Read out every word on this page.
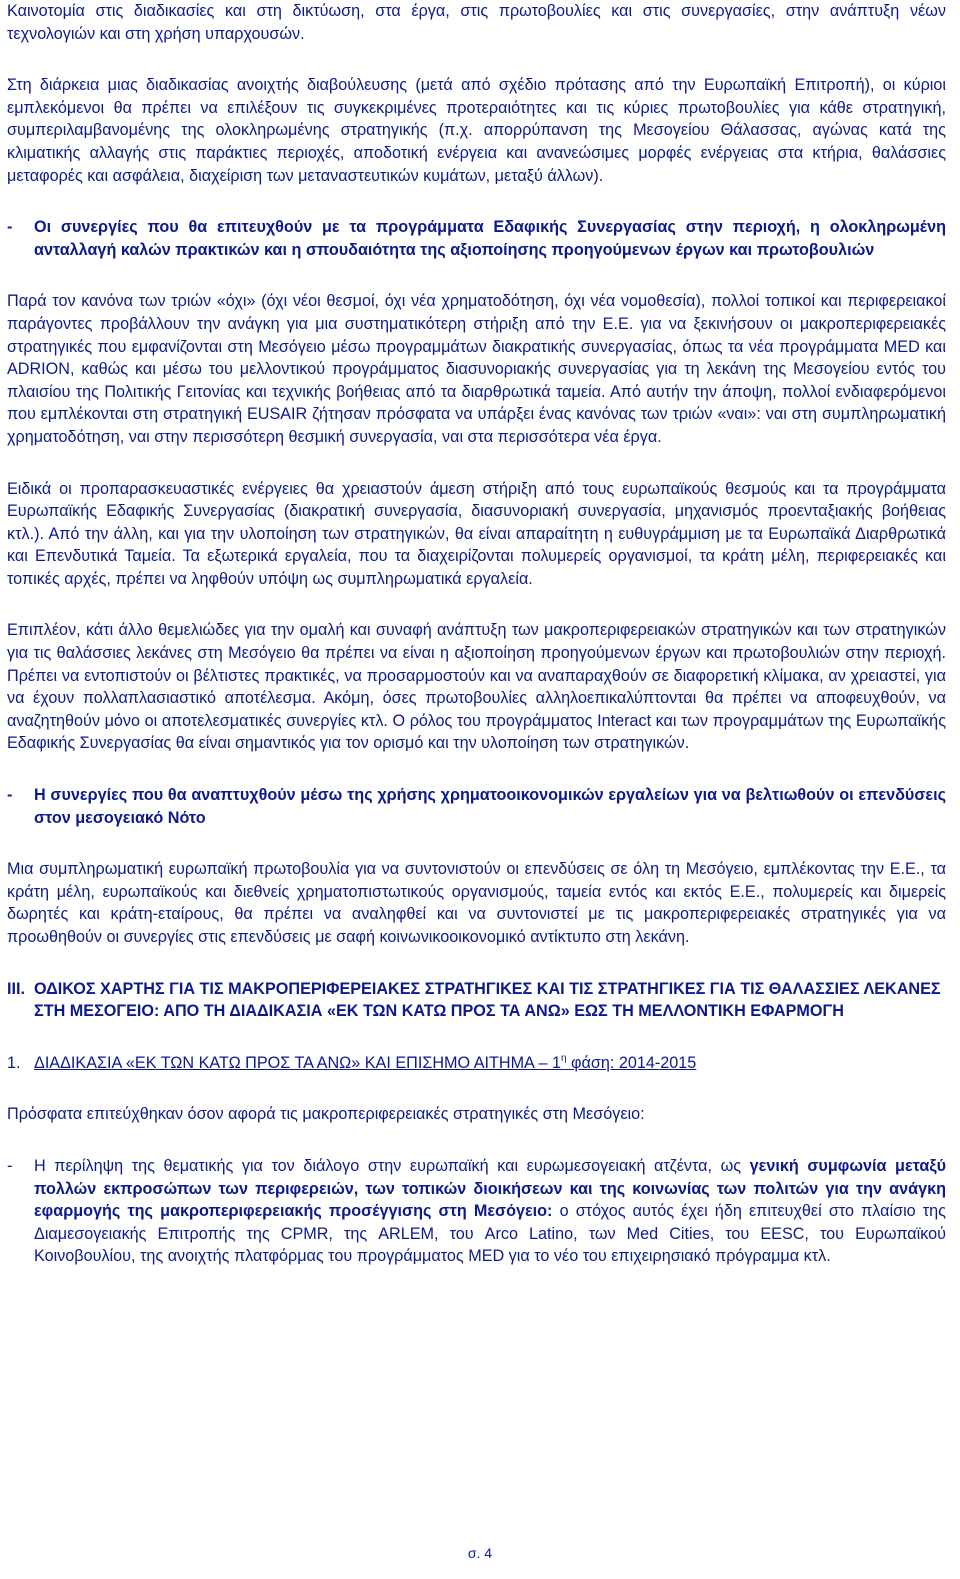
Καινοτομία στις διαδικασίες και στη δικτύωση, στα έργα, στις πρωτοβουλίες και στις συνεργασίες, στην ανάπτυξη νέων τεχνολογιών και στη χρήση υπαρχουσών.

Στη διάρκεια μιας διαδικασίας ανοιχτής διαβούλευσης (μετά από σχέδιο πρότασης από την Ευρωπαϊκή Επιτροπή), οι κύριοι εμπλεκόμενοι θα πρέπει να επιλέξουν τις συγκεκριμένες προτεραιότητες και τις κύριες πρωτοβουλίες για κάθε στρατηγική, συμπεριλαμβανομένης της ολοκληρωμένης στρατηγικής (π.χ. απορρύπανση της Μεσογείου Θάλασσας, αγώνας κατά της κλιματικής αλλαγής στις παράκτιες περιοχές, αποδοτική ενέργεια και ανανεώσιμες μορφές ενέργειας στα κτήρια, θαλάσσιες μεταφορές και ασφάλεια, διαχείριση των μεταναστευτικών κυμάτων, μεταξύ άλλων).

- Οι συνεργίες που θα επιτευχθούν με τα προγράμματα Εδαφικής Συνεργασίας στην περιοχή, η ολοκληρωμένη ανταλλαγή καλών πρακτικών και η σπουδαιότητα της αξιοποίησης προηγούμενων έργων και πρωτοβουλιών

Παρά τον κανόνα των τριών «όχι» (όχι νέοι θεσμοί, όχι νέα χρηματοδότηση, όχι νέα νομοθεσία), πολλοί τοπικοί και περιφερειακοί παράγοντες προβάλλουν την ανάγκη για μια συστηματικότερη στήριξη από την Ε.Ε. για να ξεκινήσουν οι μακροπεριφερειακές στρατηγικές που εμφανίζονται στη Μεσόγειο μέσω προγραμμάτων διακρατικής συνεργασίας, όπως τα νέα προγράμματα MED και ADRION, καθώς και μέσω του μελλοντικού προγράμματος διασυνοριακής συνεργασίας για τη λεκάνη της Μεσογείου εντός του πλαισίου της Πολιτικής Γειτονίας και τεχνικής βοήθειας από τα διαρθρωτικά ταμεία. Από αυτήν την άποψη, πολλοί ενδιαφερόμενοι που εμπλέκονται στη στρατηγική EUSAIR ζήτησαν πρόσφατα να υπάρξει ένας κανόνας των τριών «ναι»: ναι στη συμπληρωματική χρηματοδότηση, ναι στην περισσότερη θεσμική συνεργασία, ναι στα περισσότερα νέα έργα.

Ειδικά οι προπαρασκευαστικές ενέργειες θα χρειαστούν άμεση στήριξη από τους ευρωπαϊκούς θεσμούς και τα προγράμματα Ευρωπαϊκής Εδαφικής Συνεργασίας (διακρατική συνεργασία, διασυνοριακή συνεργασία, μηχανισμός προενταξιακής βοήθειας κτλ.). Από την άλλη, και για την υλοποίηση των στρατηγικών, θα είναι απαραίτητη η ευθυγράμμιση με τα Ευρωπαϊκά Διαρθρωτικά και Επενδυτικά Ταμεία. Τα εξωτερικά εργαλεία, που τα διαχειρίζονται πολυμερείς οργανισμοί, τα κράτη μέλη, περιφερειακές και τοπικές αρχές, πρέπει να ληφθούν υπόψη ως συμπληρωματικά εργαλεία.

Επιπλέον, κάτι άλλο θεμελιώδες για την ομαλή και συναφή ανάπτυξη των μακροπεριφερειακών στρατηγικών και των στρατηγικών για τις θαλάσσιες λεκάνες στη Μεσόγειο θα πρέπει να είναι η αξιοποίηση προηγούμενων έργων και πρωτοβουλιών στην περιοχή. Πρέπει να εντοπιστούν οι βέλτιστες πρακτικές, να προσαρμοστούν και να αναπαραχθούν σε διαφορετική κλίμακα, αν χρειαστεί, για να έχουν πολλαπλασιαστικό αποτέλεσμα. Ακόμη, όσες πρωτοβουλίες αλληλοεπικαλύπτονται θα πρέπει να αποφευχθούν, να αναζητηθούν μόνο οι αποτελεσματικές συνεργίες κτλ. Ο ρόλος του προγράμματος Interact και των προγραμμάτων της Ευρωπαϊκής Εδαφικής Συνεργασίας θα είναι σημαντικός για τον ορισμό και την υλοποίηση των στρατηγικών.

- Η συνεργίες που θα αναπτυχθούν μέσω της χρήσης χρηματοοικονομικών εργαλείων για να βελτιωθούν οι επενδύσεις στον μεσογειακό Νότο

Μια συμπληρωματική ευρωπαϊκή πρωτοβουλία για να συντονιστούν οι επενδύσεις σε όλη τη Μεσόγειο, εμπλέκοντας την Ε.Ε., τα κράτη μέλη, ευρωπαϊκούς και διεθνείς χρηματοπιστωτικούς οργανισμούς, ταμεία εντός και εκτός Ε.Ε., πολυμερείς και διμερείς δωρητές και κράτη-εταίρους, θα πρέπει να αναληφθεί και να συντονιστεί με τις μακροπεριφερειακές στρατηγικές για να προωθηθούν οι συνεργίες στις επενδύσεις με σαφή κοινωνικοοικονομικό αντίκτυπο στη λεκάνη.

III. ΟΔΙΚΟΣ ΧΑΡΤΗΣ ΓΙΑ ΤΙΣ ΜΑΚΡΟΠΕΡΙΦΕΡΕΙΑΚΕΣ ΣΤΡΑΤΗΓΙΚΕΣ ΚΑΙ ΤΙΣ ΣΤΡΑΤΗΓΙΚΕΣ ΓΙΑ ΤΙΣ ΘΑΛΑΣΣΙΕΣ ΛΕΚΑΝΕΣ ΣΤΗ ΜΕΣΟΓΕΙΟ: ΑΠΟ ΤΗ ΔΙΑΔΙΚΑΣΙΑ «ΕΚ ΤΩΝ ΚΑΤΩ ΠΡΟΣ ΤΑ ΑΝΩ» ΕΩΣ ΤΗ ΜΕΛΛΟΝΤΙΚΗ ΕΦΑΡΜΟΓΗ

1. ΔΙΑΔΙΚΑΣΙΑ «ΕΚ ΤΩΝ ΚΑΤΩ ΠΡΟΣ ΤΑ ΑΝΩ» ΚΑΙ ΕΠΙΣΗΜΟ ΑΙΤΗΜΑ – $1^\eta$ φάση: 2014-2015

Πρόσφατα επιτεύχθηκαν όσον αφορά τις μακροπεριφερειακές στρατηγικές στη Μεσόγειο:

- Η περίληψη της θεματικής για τον διάλογο στην ευρωπαϊκή και ευρωμεσογειακή ατζέντα, ως γενική συμφωνία μεταξύ πολλών εκπροσώπων των περιφερειών, των τοπικών διοικήσεων και της κοινωνίας των πολιτών για την ανάγκη εφαρμογής της μακροπεριφερειακής προσέγγισης στη Μεσόγειο: ο στόχος αυτός έχει ήδη επιτευχθεί στο πλαίσιο της Διαμεσογειακής Επιτροπής της CPMR, της ARLEM, του Arco Latino, των Med Cities, του EESC, του Ευρωπαϊκού Κοινοβουλίου, της ανοιχτής πλατφόρμας του προγράμματος MED για το νέο του επιχειρησιακό πρόγραμμα κτλ.

σ. 4
